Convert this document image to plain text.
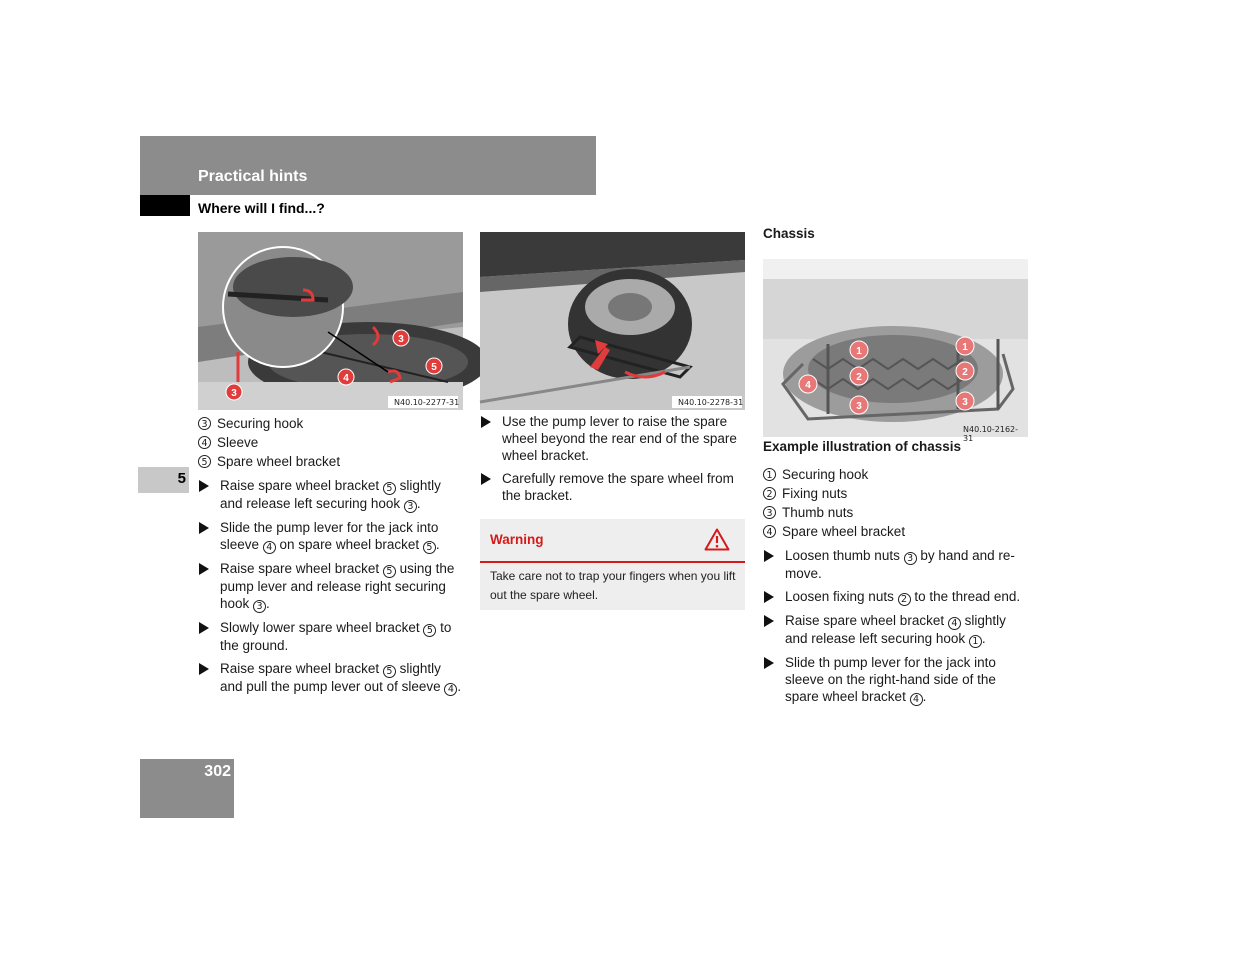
Practical hints
Where will I find...?
5
302
3
3
4
5
N40.10-2277-31	N40.10-2278-31
3 Securing hook
4 Sleeve
5 Spare wheel bracket
Raise spare wheel bracket 5 slightly and release left securing hook 3 .
Slide the pump lever for the jack into sleeve 4 on spare wheel bracket 5 .
Raise spare wheel bracket 5 using the pump lever and release right securing hook 3 .
Slowly lower spare wheel bracket 5 to the ground.
Raise spare wheel bracket 5 slightly and pull the pump lever out of sleeve 4 .
Use the pump lever to raise the spare wheel beyond the rear end of the spare wheel bracket.
Carefully remove the spare wheel from the bracket.
Warning
Take care not to trap your fingers when you lift out the spare wheel.
Chassis
1
2
3
1
2
3
4
N40.10-2162-31
Example illustration of chassis
1 Securing hook
2 Fixing nuts
3 Thumb nuts
4 Spare wheel bracket
Loosen thumb nuts 3 by hand and re-move.
Loosen fixing nuts 2 to the thread end.
Raise spare wheel bracket 4 slightly and release left securing hook 1 .
Slide th pump lever for the jack into sleeve on the right-hand side of the spare wheel bracket 4 .
